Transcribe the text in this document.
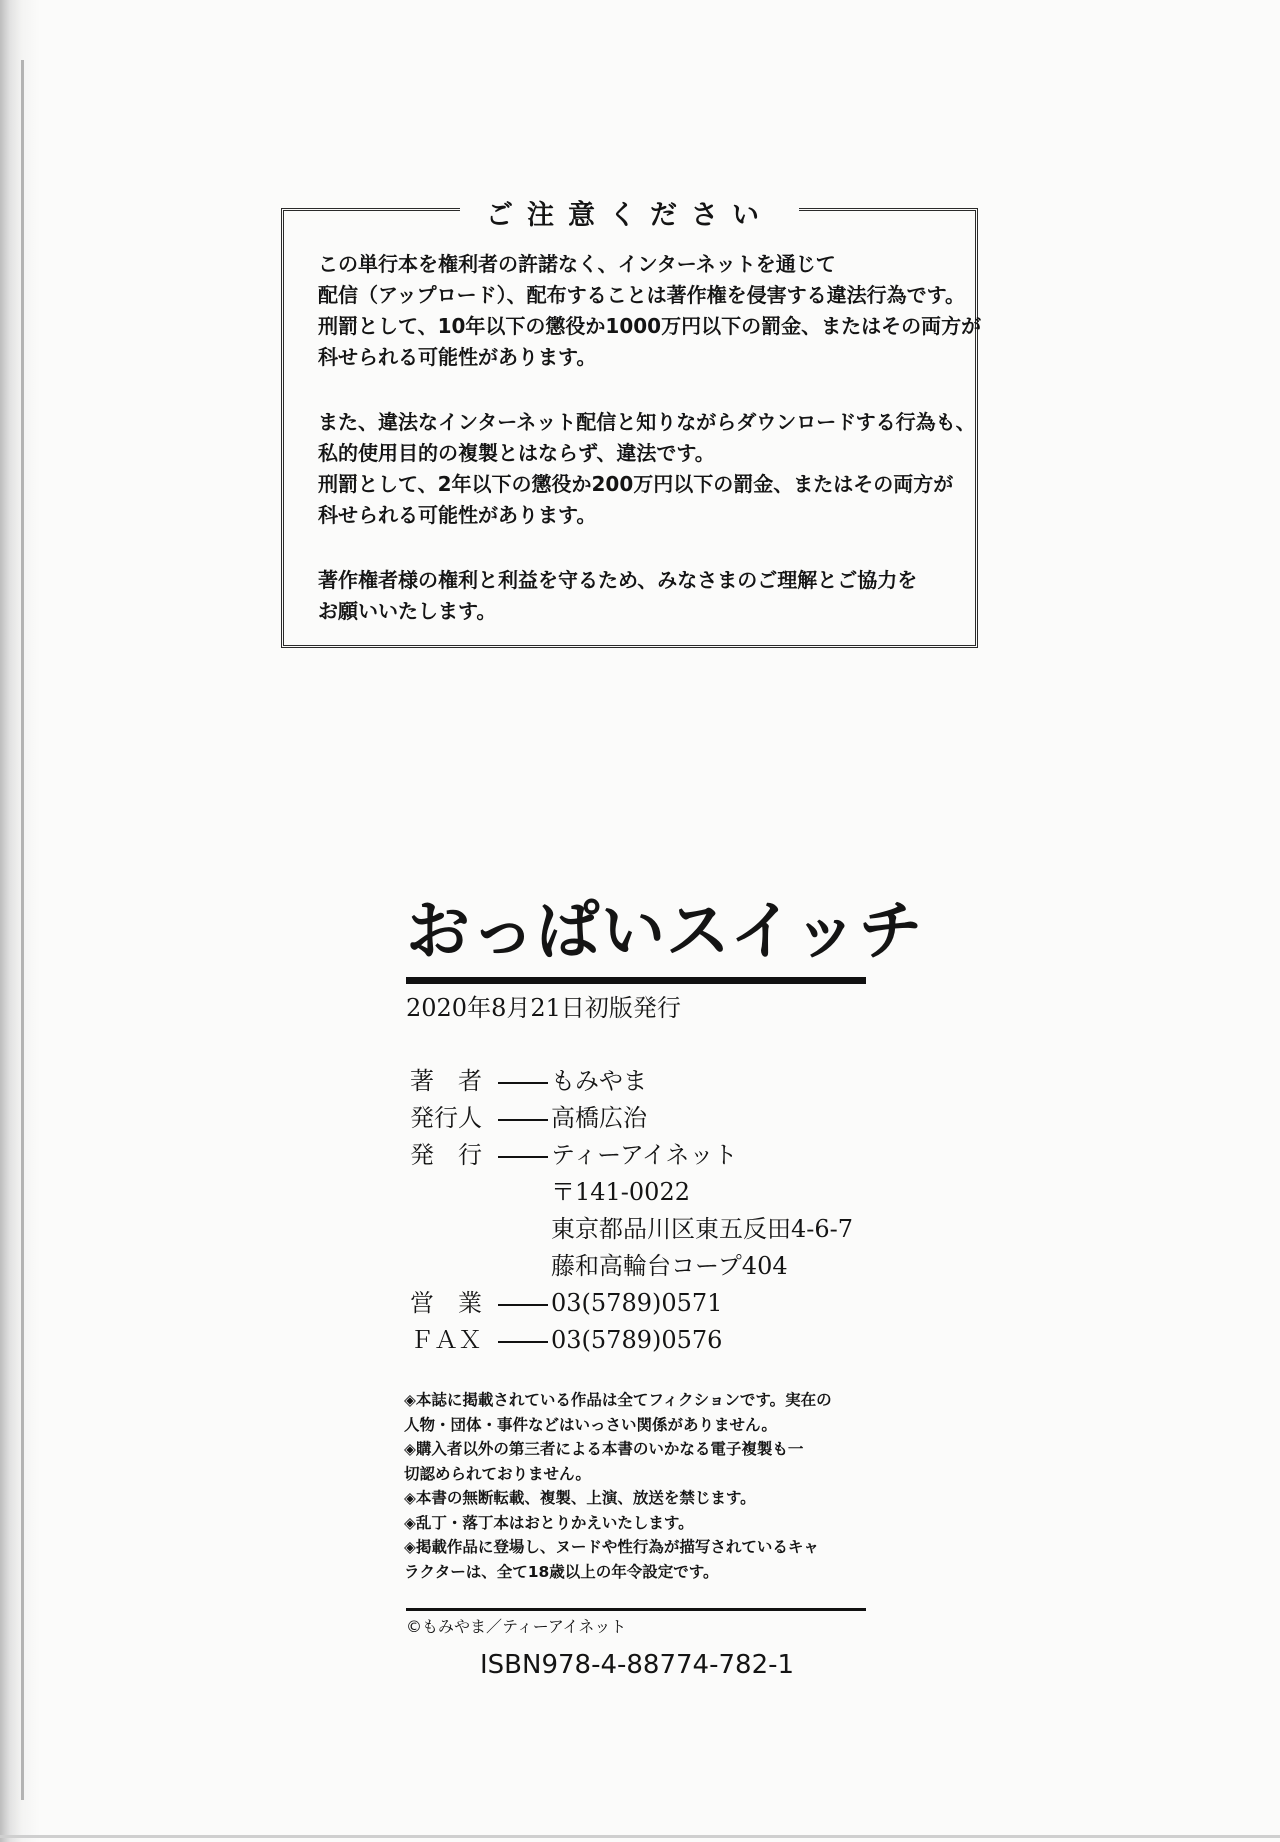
ご注意ください
この単行本を権利者の許諾なく、インターネットを通じて
配信（アップロード）、配布することは著作権を侵害する違法行為です。
刑罰として、10年以下の懲役か1000万円以下の罰金、またはその両方が
科せられる可能性があります。
また、違法なインターネット配信と知りながらダウンロードする行為も、
私的使用目的の複製とはならず、違法です。
刑罰として、2年以下の懲役か200万円以下の罰金、またはその両方が
科せられる可能性があります。
著作権者様の権利と利益を守るため、みなさまのご理解とご協力を
お願いいたします。
おっぱいスイッチ
2020年8月21日初版発行
著　者	もみやま
発行人	高橋広治
発　行	ティーアイネット
〒141-0022
東京都品川区東五反田4-6-7
藤和高輪台コープ404
営　業	03(5789)0571
ＦＡＸ	03(5789)0576
◈本誌に掲載されている作品は全てフィクションです。実在の
人物・団体・事件などはいっさい関係がありません。
◈購入者以外の第三者による本書のいかなる電子複製も一
切認められておりません。
◈本書の無断転載、複製、上演、放送を禁じます。
◈乱丁・落丁本はおとりかえいたします。
◈掲載作品に登場し、ヌードや性行為が描写されているキャ
ラクターは、全て18歳以上の年令設定です。
©もみやま／ティーアイネット
ISBN978-4-88774-782-1
